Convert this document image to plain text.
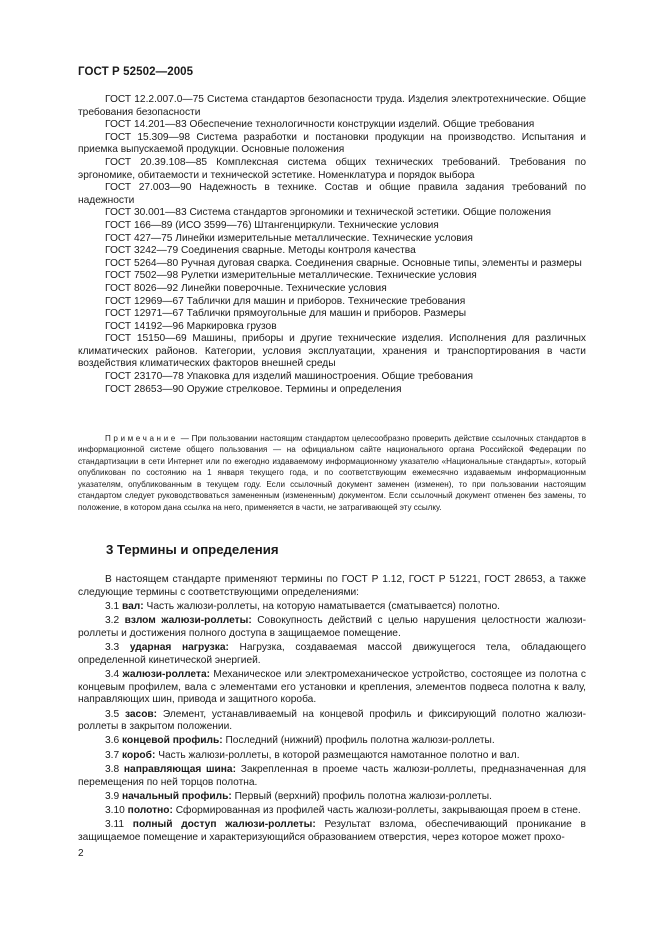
ГОСТ Р 52502—2005

ГОСТ 12.2.007.0—75 Система стандартов безопасности труда. Изделия электротехнические. Общие требования безопасности

ГОСТ 14.201—83 Обеспечение технологичности конструкции изделий. Общие требования

ГОСТ 15.309—98 Система разработки и постановки продукции на производство. Испытания и приемка выпускаемой продукции. Основные положения

ГОСТ 20.39.108—85 Комплексная система общих технических требований. Требования по эргономике, обитаемости и технической эстетике. Номенклатура и порядок выбора

ГОСТ 27.003—90 Надежность в технике. Состав и общие правила задания требований по надежности

ГОСТ 30.001—83 Система стандартов эргономики и технической эстетики. Общие положения

ГОСТ 166—89 (ИСО 3599—76) Штангенциркули. Технические условия

ГОСТ 427—75 Линейки измерительные металлические. Технические условия

ГОСТ 3242—79 Соединения сварные. Методы контроля качества

ГОСТ 5264—80 Ручная дуговая сварка. Соединения сварные. Основные типы, элементы и размеры

ГОСТ 7502—98 Рулетки измерительные металлические. Технические условия

ГОСТ 8026—92 Линейки поверочные. Технические условия

ГОСТ 12969—67 Таблички для машин и приборов. Технические требования

ГОСТ 12971—67 Таблички прямоугольные для машин и приборов. Размеры

ГОСТ 14192—96 Маркировка грузов

ГОСТ 15150—69 Машины, приборы и другие технические изделия. Исполнения для различных климатических районов. Категории, условия эксплуатации, хранения и транспортирования в части воздействия климатических факторов внешней среды

ГОСТ 23170—78 Упаковка для изделий машиностроения. Общие требования

ГОСТ 28653—90 Оружие стрелковое. Термины и определения

Примечание — При пользовании настоящим стандартом целесообразно проверить действие ссылочных стандартов в информационной системе общего пользования — на официальном сайте национального органа Российской Федерации по стандартизации в сети Интернет или по ежегодно издаваемому информационному указателю «Национальные стандарты», который опубликован по состоянию на 1 января текущего года, и по соответствующим ежемесячно издаваемым информационным указателям, опубликованным в текущем году. Если ссылочный документ заменен (изменен), то при пользовании настоящим стандартом следует руководствоваться замененным (измененным) документом. Если ссылочный документ отменен без замены, то положение, в котором дана ссылка на него, применяется в части, не затрагивающей эту ссылку.

3 Термины и определения

В настоящем стандарте применяют термины по ГОСТ Р 1.12, ГОСТ Р 51221, ГОСТ 28653, а также следующие термины с соответствующими определениями:

3.1 вал: Часть жалюзи-роллеты, на которую наматывается (сматывается) полотно.

3.2 взлом жалюзи-роллеты: Совокупность действий с целью нарушения целостности жалюзи-роллеты и достижения полного доступа в защищаемое помещение.

3.3 ударная нагрузка: Нагрузка, создаваемая массой движущегося тела, обладающего определенной кинетической энергией.

3.4 жалюзи-роллета: Механическое или электромеханическое устройство, состоящее из полотна с концевым профилем, вала с элементами его установки и крепления, элементов подвеса полотна к валу, направляющих шин, привода и защитного короба.

3.5 засов: Элемент, устанавливаемый на концевой профиль и фиксирующий полотно жалюзи-роллеты в закрытом положении.

3.6 концевой профиль: Последний (нижний) профиль полотна жалюзи-роллеты.

3.7 короб: Часть жалюзи-роллеты, в которой размещаются намотанное полотно и вал.

3.8 направляющая шина: Закрепленная в проеме часть жалюзи-роллеты, предназначенная для перемещения по ней торцов полотна.

3.9 начальный профиль: Первый (верхний) профиль полотна жалюзи-роллеты.

3.10 полотно: Сформированная из профилей часть жалюзи-роллеты, закрывающая проем в стене.

3.11 полный доступ жалюзи-роллеты: Результат взлома, обеспечивающий проникание в защищаемое помещение и характеризующийся образованием отверстия, через которое может прохо-

2
